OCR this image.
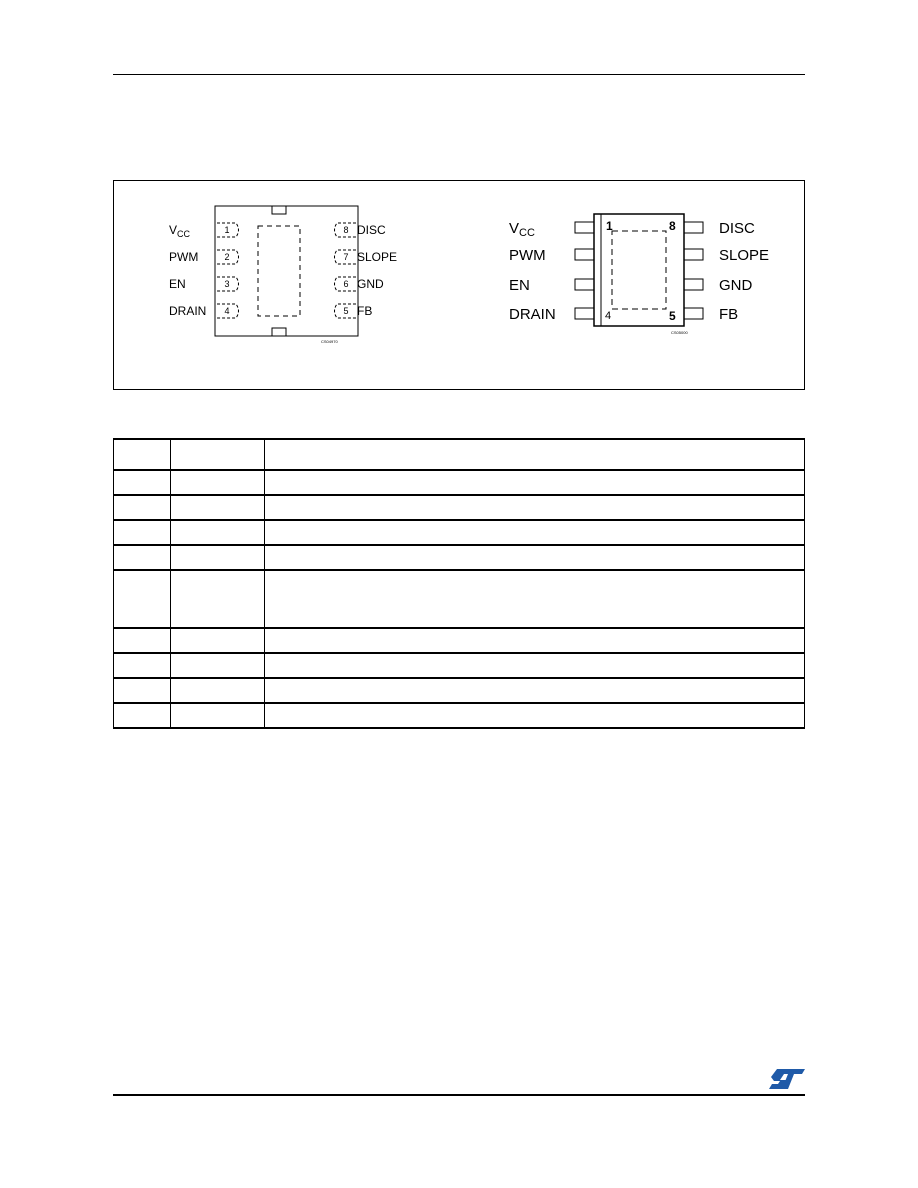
1
$V_{CC}$
2
PWM
3
EN
4
DRAIN
8 DISC
7 SLOPE
6 GND
5 FB
CS04970
$V_{CC}$
PWM
EN
DRAIN
DISC
SLOPE
GND
FB
1	8
4	5
CS05000
